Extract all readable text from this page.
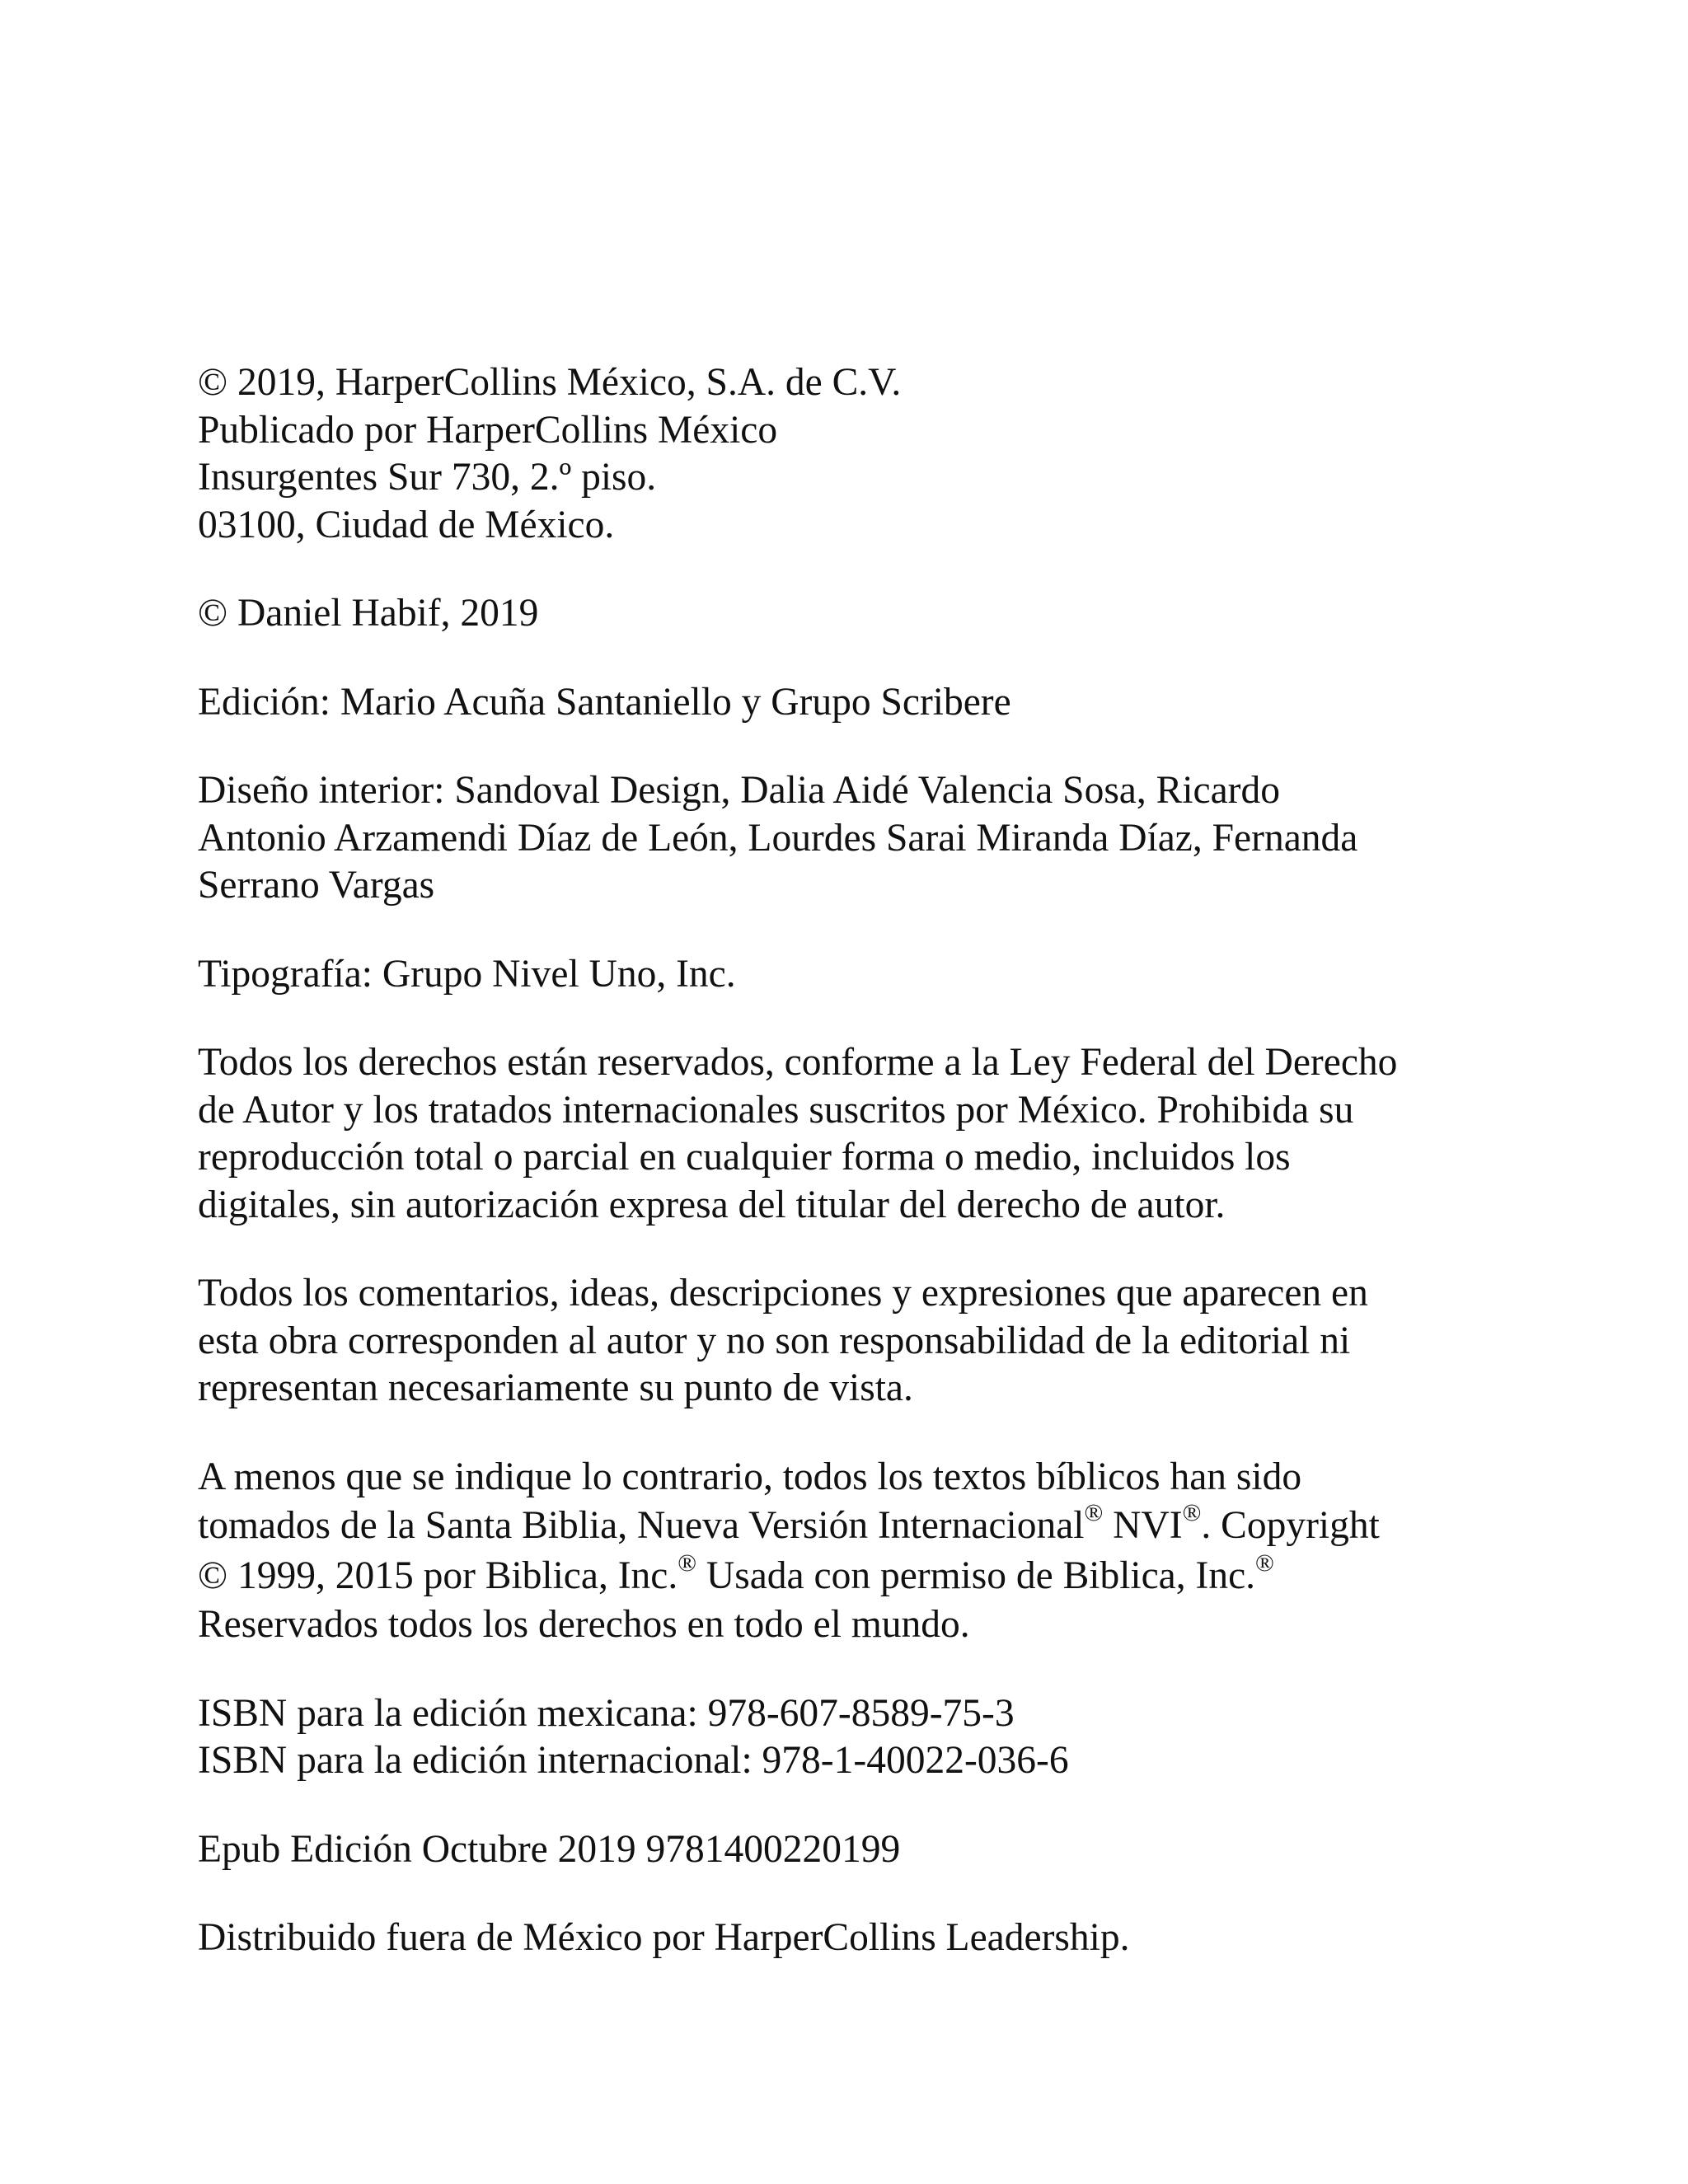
© 2019, HarperCollins México, S.A. de C.V.
Publicado por HarperCollins México
Insurgentes Sur 730, 2.º piso.
03100, Ciudad de México.

© Daniel Habif, 2019

Edición: Mario Acuña Santaniello y Grupo Scribere

Diseño interior: Sandoval Design, Dalia Aidé Valencia Sosa, Ricardo
Antonio Arzamendi Díaz de León, Lourdes Sarai Miranda Díaz, Fernanda
Serrano Vargas

Tipografía: Grupo Nivel Uno, Inc.

Todos los derechos están reservados, conforme a la Ley Federal del Derecho
de Autor y los tratados internacionales suscritos por México. Prohibida su
reproducción total o parcial en cualquier forma o medio, incluidos los
digitales, sin autorización expresa del titular del derecho de autor.

Todos los comentarios, ideas, descripciones y expresiones que aparecen en
esta obra corresponden al autor y no son responsabilidad de la editorial ni
representan necesariamente su punto de vista.

A menos que se indique lo contrario, todos los textos bíblicos han sido
tomados de la Santa Biblia, Nueva Versión Internacional® NVI®. Copyright
© 1999, 2015 por Biblica, Inc.® Usada con permiso de Biblica, Inc.®
Reservados todos los derechos en todo el mundo.

ISBN para la edición mexicana: 978-607-8589-75-3
ISBN para la edición internacional: 978-1-40022-036-6

Epub Edición Octubre 2019 9781400220199

Distribuido fuera de México por HarperCollins Leadership.
